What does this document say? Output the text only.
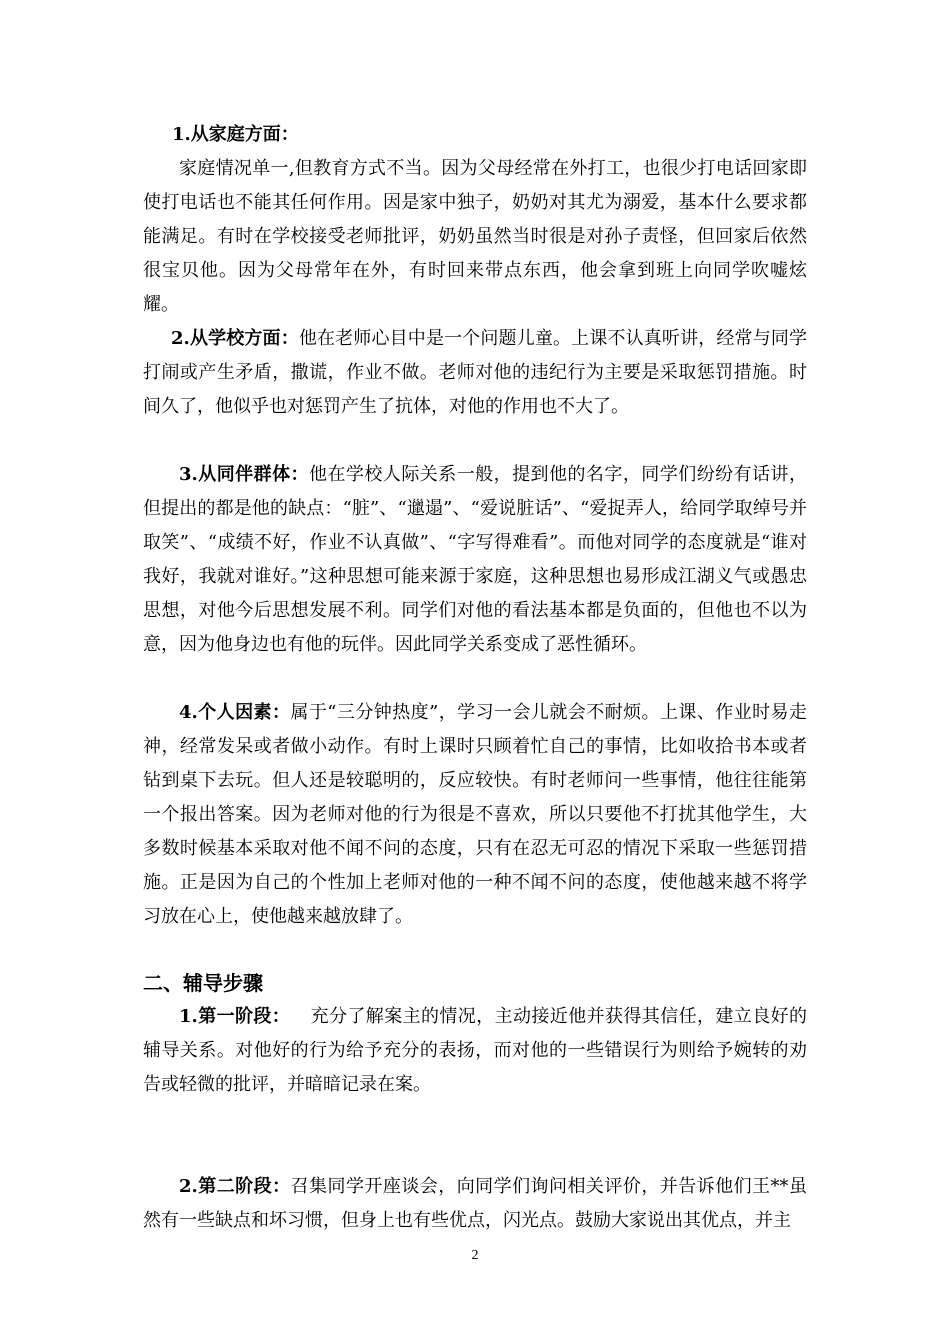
1.从家庭方面：

家庭情况单一,但教育方式不当。因为父母经常在外打工，也很少打电话回家即使打电话也不能其任何作用。因是家中独子，奶奶对其尤为溺爱，基本什么要求都能满足。有时在学校接受老师批评，奶奶虽然当时很是对孙子责怪，但回家后依然很宝贝他。因为父母常年在外，有时回来带点东西，他会拿到班上向同学吹嘘炫耀。

2.从学校方面：他在老师心目中是一个问题儿童。上课不认真听讲，经常与同学打闹或产生矛盾，撒谎，作业不做。老师对他的违纪行为主要是采取惩罚措施。时间久了，他似乎也对惩罚产生了抗体，对他的作用也不大了。

3.从同伴群体：他在学校人际关系一般，提到他的名字，同学们纷纷有话讲，但提出的都是他的缺点：“脏”、“邋遢”、“爱说脏话”、“爱捉弄人，给同学取绰号并取笑”、“成绩不好，作业不认真做”、“字写得难看”。而他对同学的态度就是“谁对我好，我就对谁好。”这种思想可能来源于家庭，这种思想也易形成江湖义气或愚忠思想，对他今后思想发展不利。同学们对他的看法基本都是负面的，但他也不以为意，因为他身边也有他的玩伴。因此同学关系变成了恶性循环。

4.个人因素：属于“三分钟热度”，学习一会儿就会不耐烦。上课、作业时易走神，经常发呆或者做小动作。有时上课时只顾着忙自己的事情，比如收拾书本或者钻到桌下去玩。但人还是较聪明的，反应较快。有时老师问一些事情，他往往能第一个报出答案。因为老师对他的行为很是不喜欢，所以只要他不打扰其他学生，大多数时候基本采取对他不闻不问的态度，只有在忍无可忍的情况下采取一些惩罚措施。正是因为自己的个性加上老师对他的一种不闻不问的态度，使他越来越不将学习放在心上，使他越来越放肆了。

二、辅导步骤

1.第一阶段： 充分了解案主的情况，主动接近他并获得其信任，建立良好的辅导关系。对他好的行为给予充分的表扬，而对他的一些错误行为则给予婉转的劝告或轻微的批评，并暗暗记录在案。

2.第二阶段：召集同学开座谈会，向同学们询问相关评价，并告诉他们王**虽然有一些缺点和坏习惯，但身上也有些优点，闪光点。鼓励大家说出其优点，并主

2
